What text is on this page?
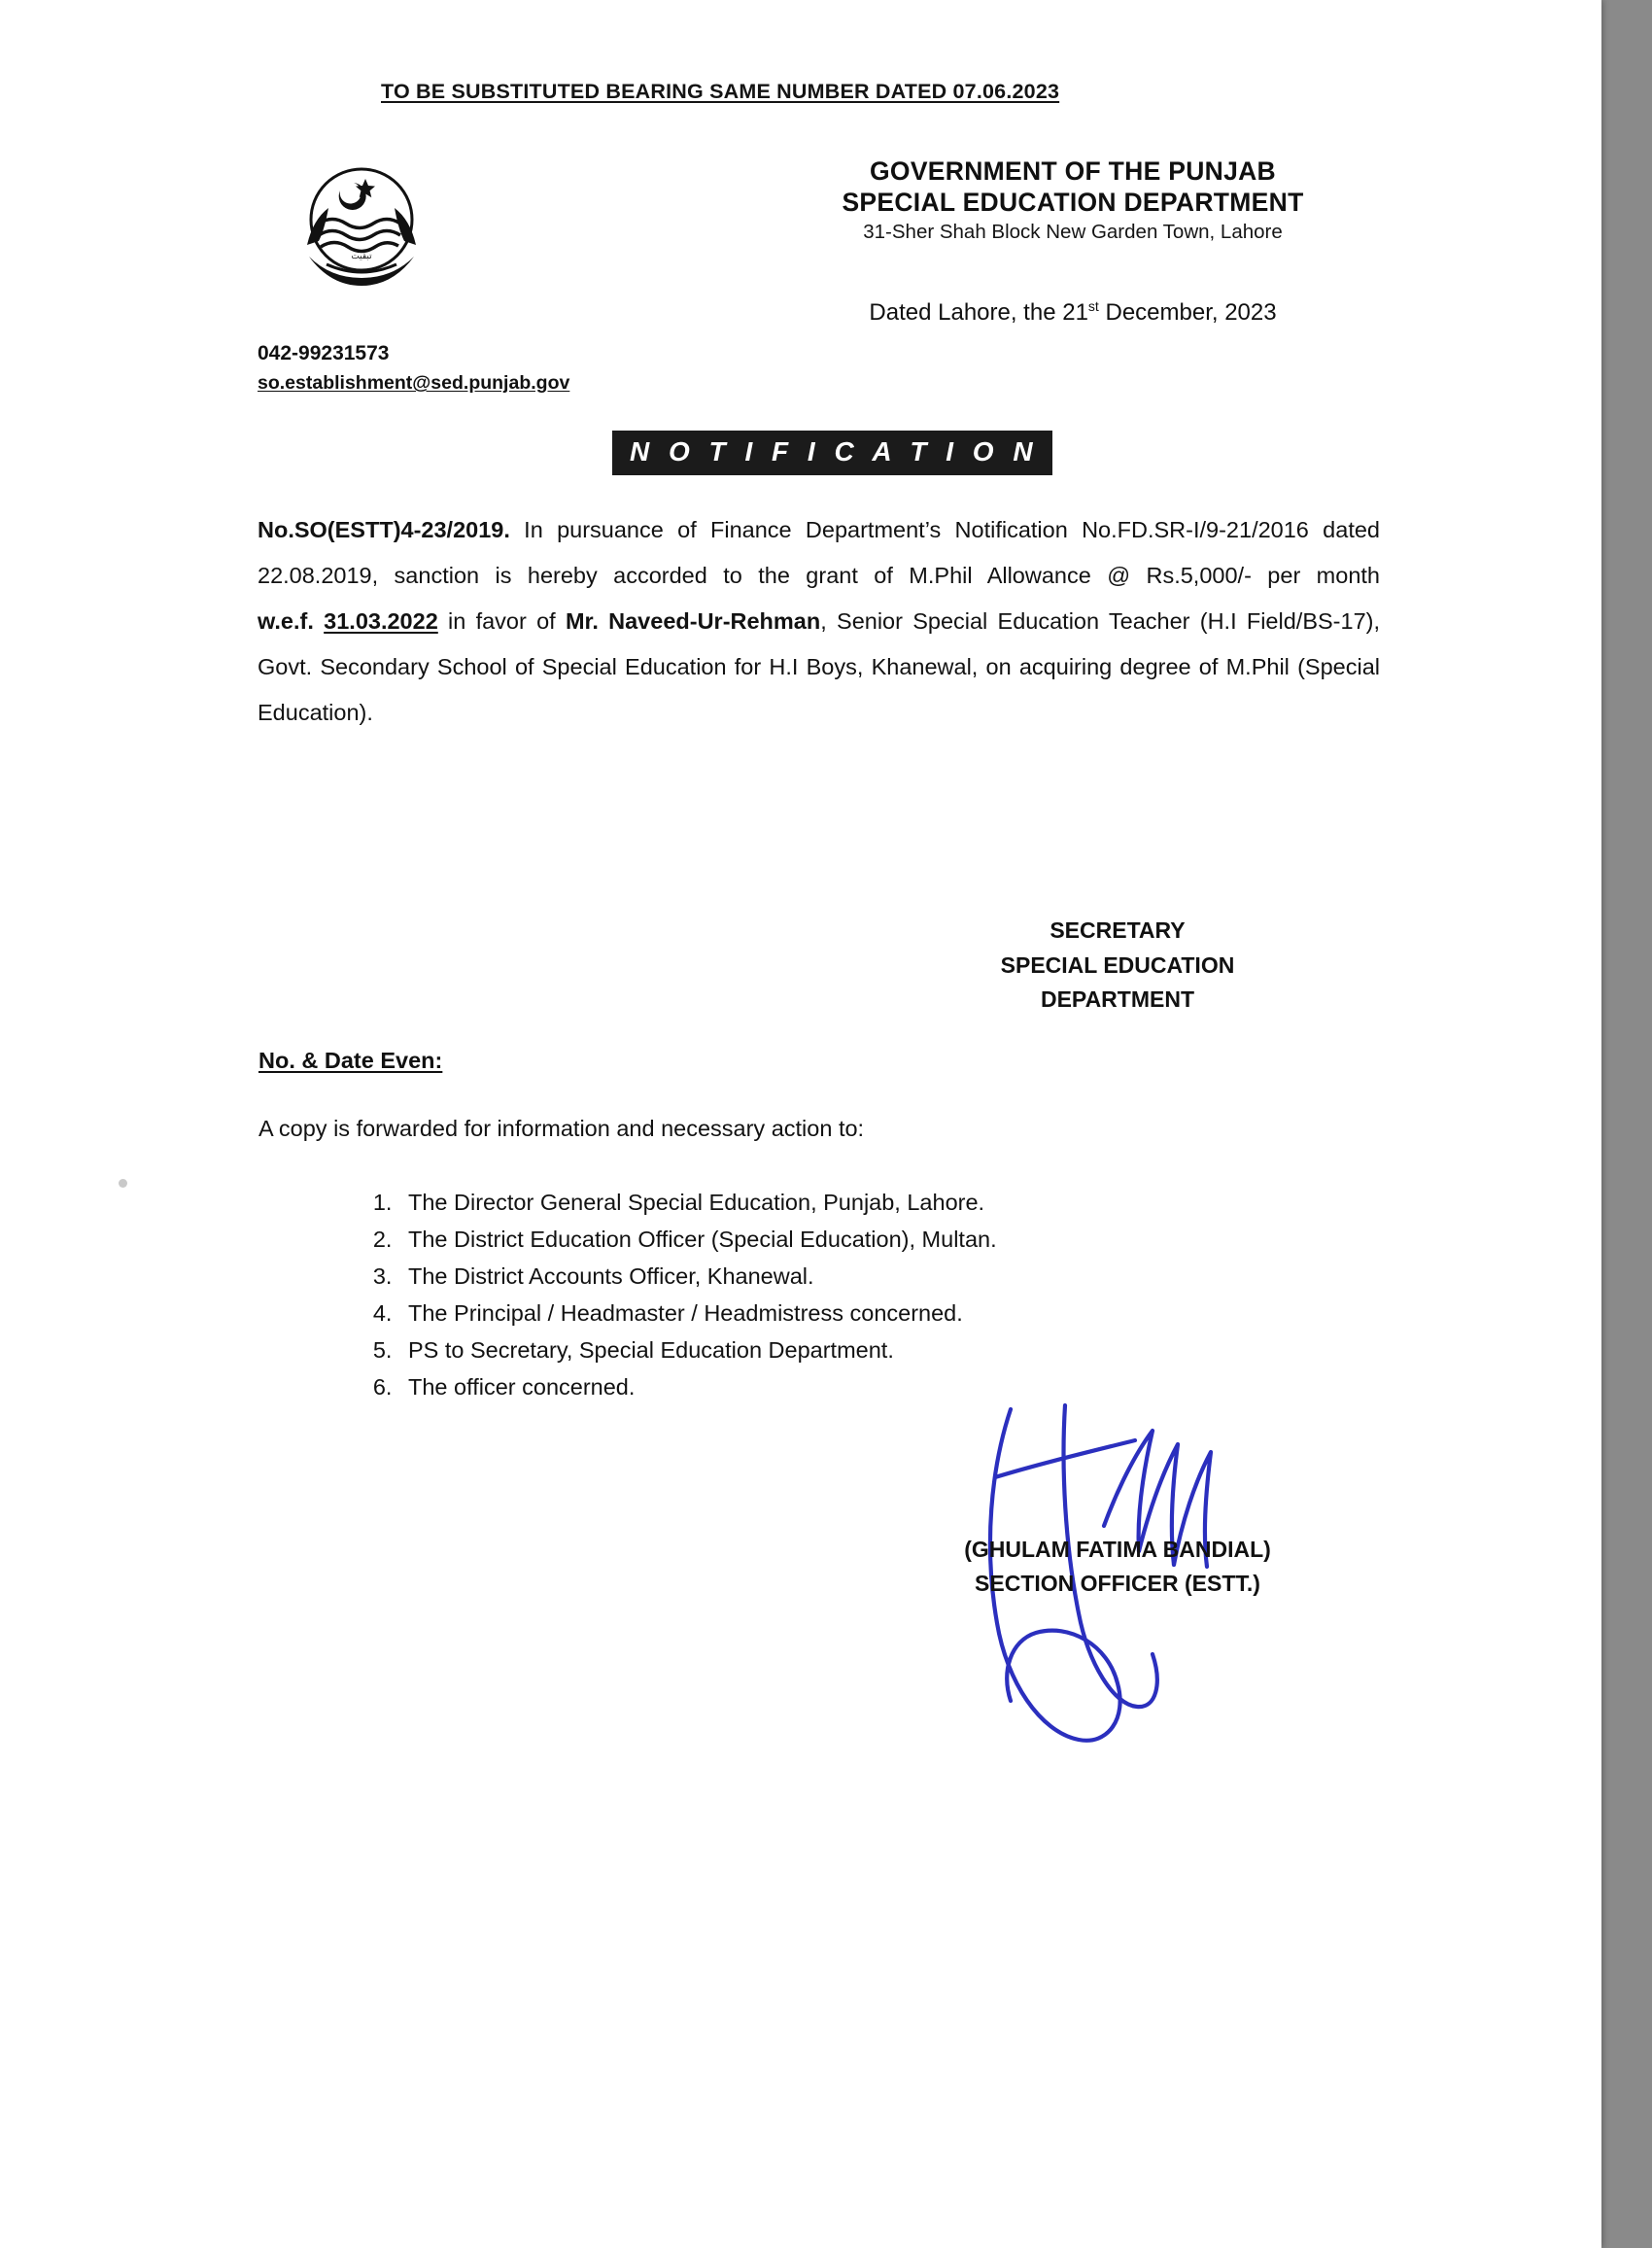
TO BE SUBSTITUTED BEARING SAME NUMBER DATED 07.06.2023
تبقیت
042-99231573
so.establishment@sed.punjab.gov
GOVERNMENT OF THE PUNJAB
SPECIAL EDUCATION DEPARTMENT
31-Sher Shah Block New Garden Town, Lahore
Dated Lahore, the 21st December, 2023
N O T I F I C A T I O N
No.SO(ESTT)4-23/2019. In pursuance of Finance Department’s Notification No.FD.SR-I/9-21/2016 dated 22.08.2019, sanction is hereby accorded to the grant of M.Phil Allowance @ Rs.5,000/- per month w.e.f. 31.03.2022 in favor of Mr. Naveed-Ur-Rehman, Senior Special Education Teacher (H.I Field/BS-17), Govt. Secondary School of Special Education for H.I Boys, Khanewal, on acquiring degree of M.Phil (Special Education).
SECRETARY
SPECIAL EDUCATION
DEPARTMENT
No. & Date Even:
A copy is forwarded for information and necessary action to:
1. The Director General Special Education, Punjab, Lahore.
2. The District Education Officer (Special Education), Multan.
3. The District Accounts Officer, Khanewal.
4. The Principal / Headmaster / Headmistress concerned.
5. PS to Secretary, Special Education Department.
6. The officer concerned.
(GHULAM FATIMA BANDIAL)
SECTION OFFICER (ESTT.)
